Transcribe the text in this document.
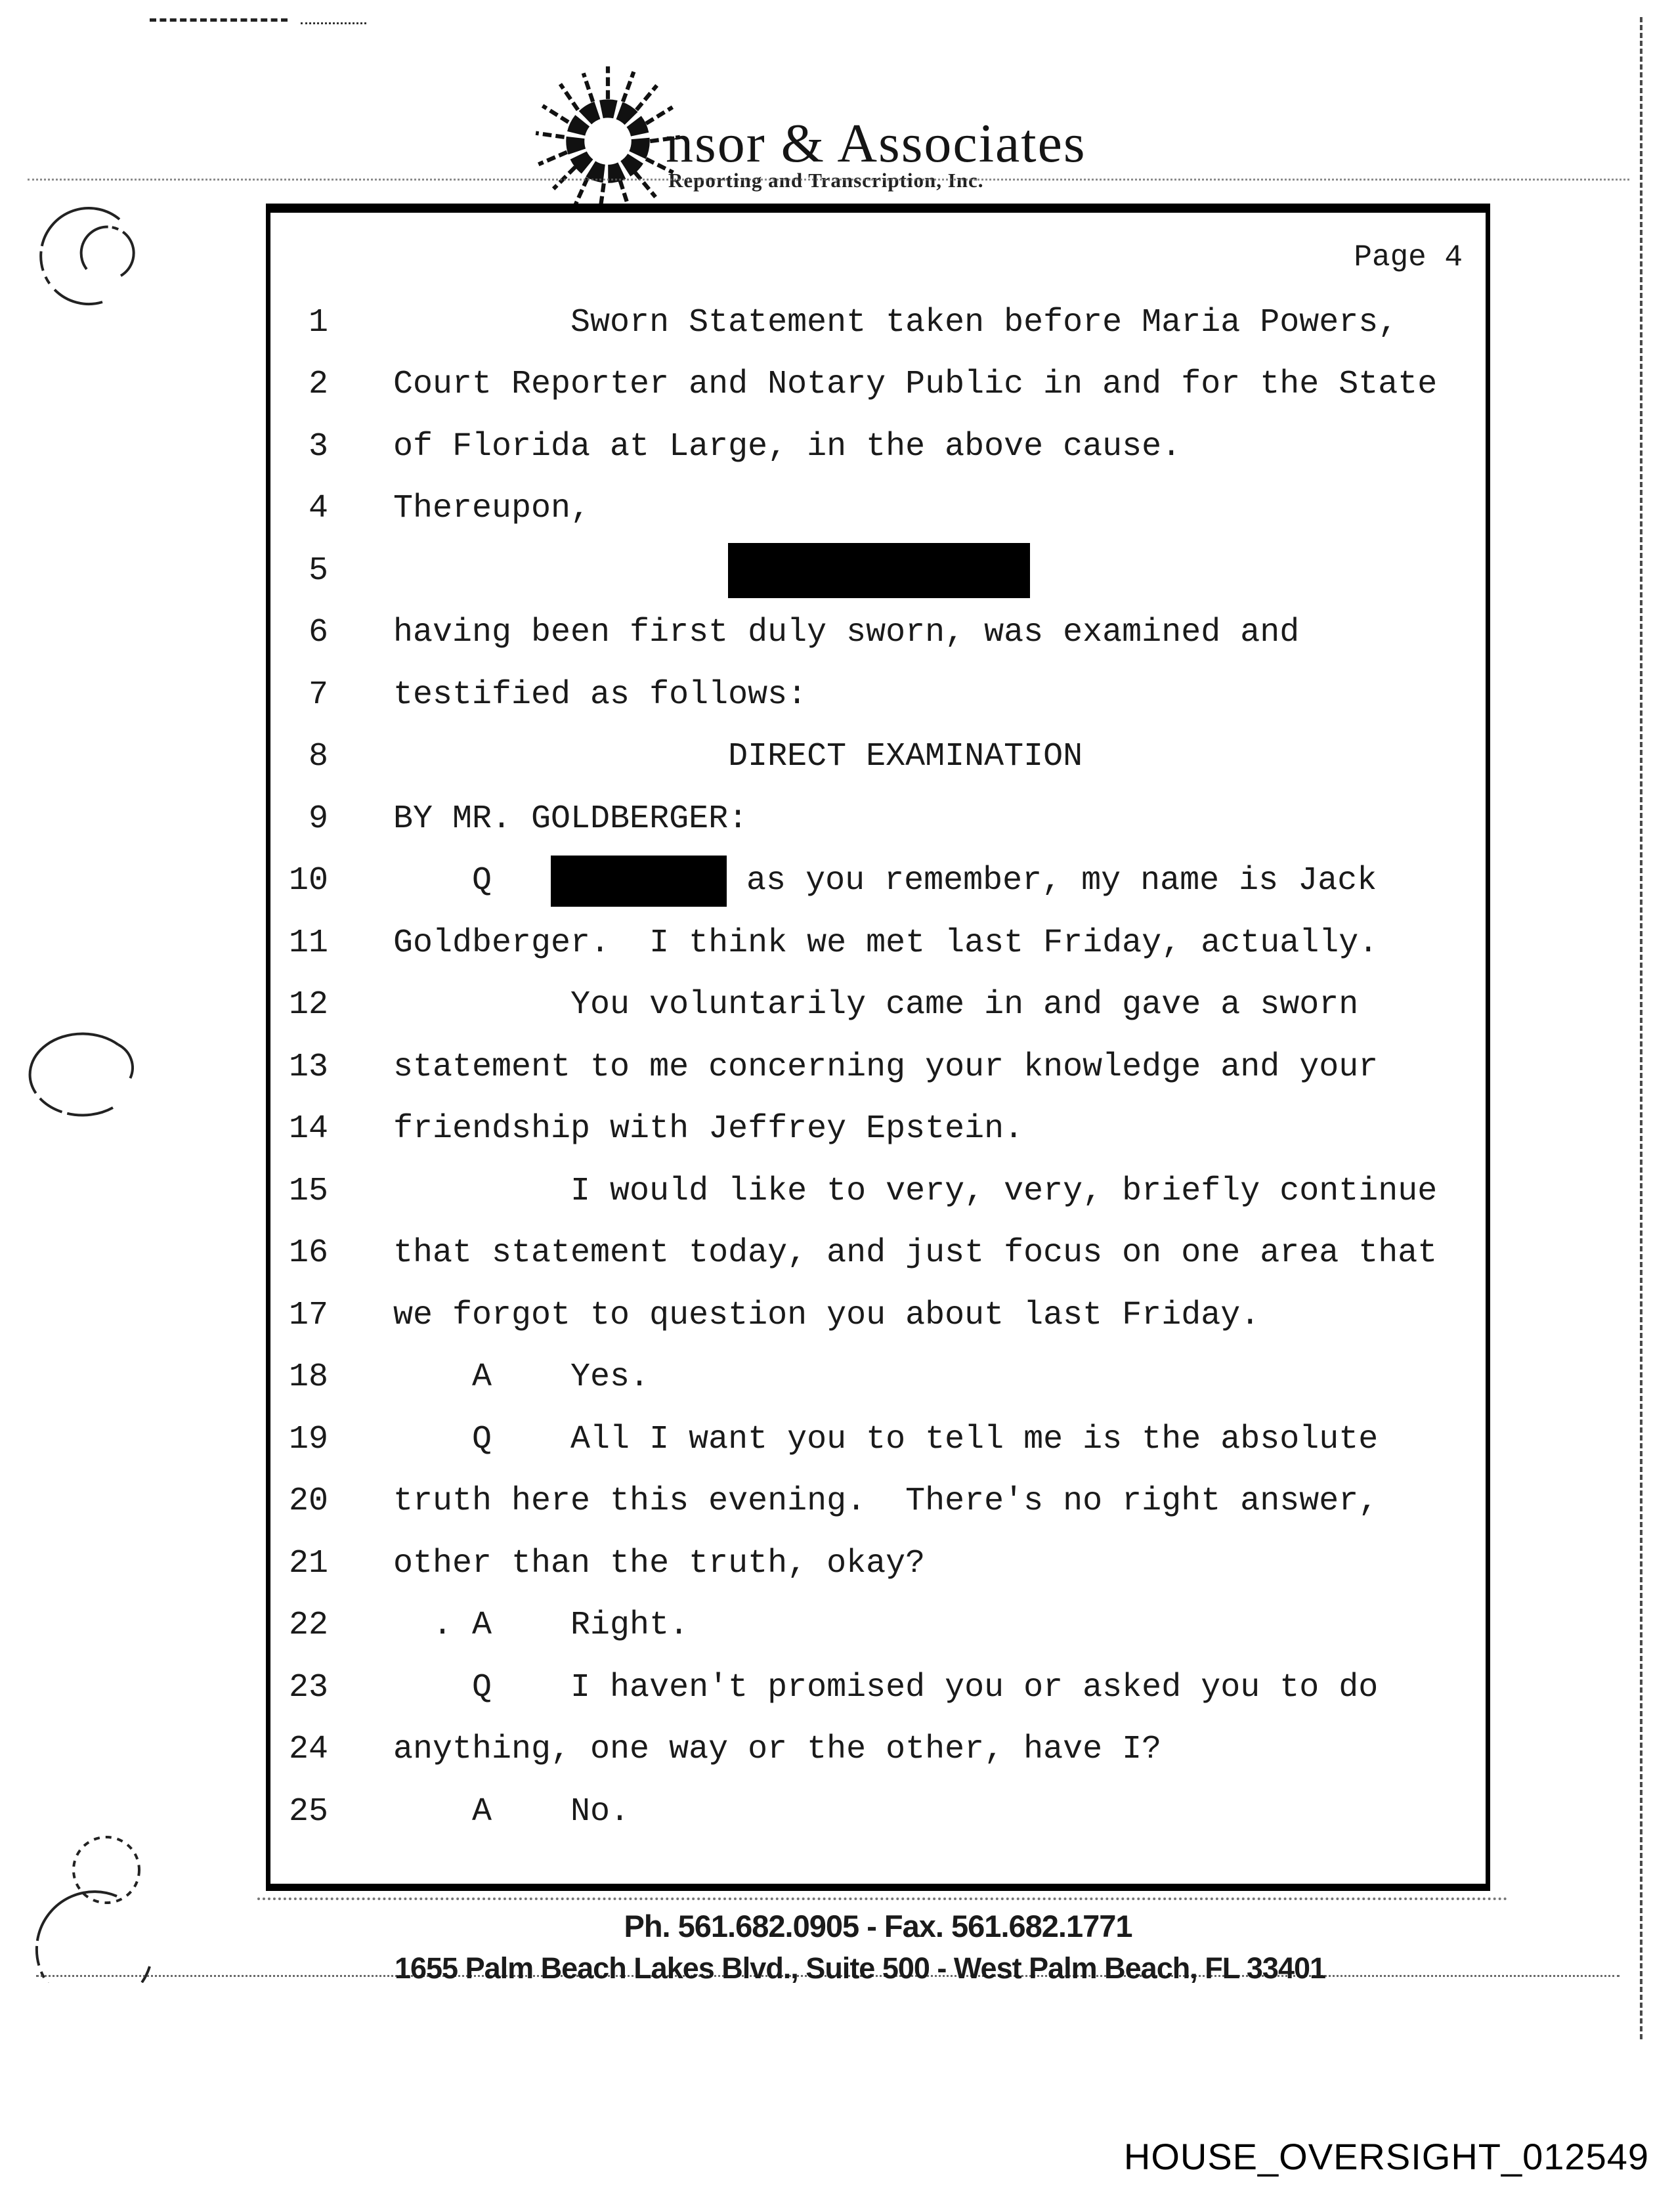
nsor & Associates
Reporting and Transcription, Inc.
Page 4
1 Sworn Statement taken before Maria Powers,
2 Court Reporter and Notary Public in and for the State
3 of Florida at Large, in the above cause.
4 Thereupon,
5

6 having been first duly sworn, was examined and
7 testified as follows:
8 DIRECT EXAMINATION
9 BY MR. GOLDBERGER:
10 Q	as you remember, my name is Jack
11 Goldberger.  I think we met last Friday, actually.
12 You voluntarily came in and gave a sworn
13 statement to me concerning your knowledge and your
14 friendship with Jeffrey Epstein.
15 I would like to very, very, briefly continue
16 that statement today, and just focus on one area that
17 we forgot to question you about last Friday.
18 A    Yes.
19 Q    All I want you to tell me is the absolute
20 truth here this evening.  There's no right answer,
21 other than the truth, okay?
22 . A    Right.
23 Q    I haven't promised you or asked you to do
24 anything, one way or the other, have I?
25 A    No.
Ph. 561.682.0905 - Fax. 561.682.1771
1655 Palm Beach Lakes Blvd., Suite 500 - West Palm Beach, FL 33401
HOUSE_OVERSIGHT_012549
